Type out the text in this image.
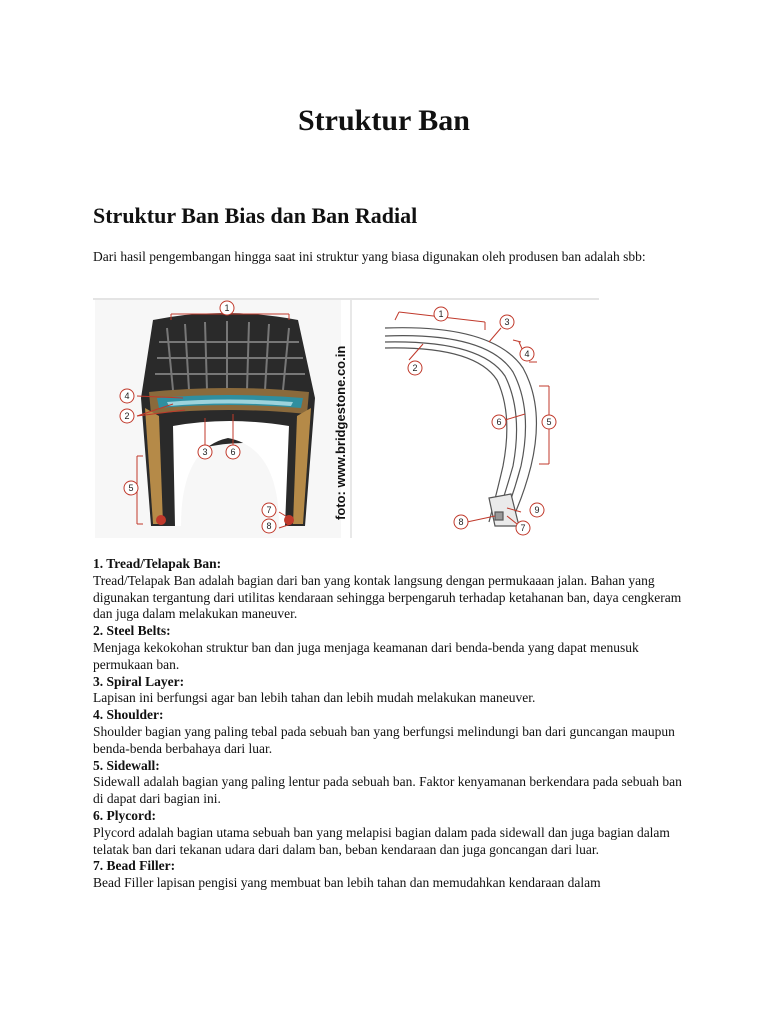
Struktur Ban
Struktur Ban Bias dan Ban Radial

Dari hasil pengembangan hingga saat ini struktur yang biasa digunakan oleh produsen ban adalah sbb:

1
4
2
3	6
5
7
8
foto: www.bridgestone.co.in
1
3
4
2
6	5
9
8
7

1. Tread/Telapak Ban:

Tread/Telapak Ban adalah bagian dari ban yang kontak langsung dengan permukaaan jalan. Bahan yang digunakan tergantung dari utilitas kendaraan sehingga berpengaruh terhadap ketahanan ban, daya cengkeram dan juga dalam melakukan maneuver.

2. Steel Belts:

Menjaga kekokohan struktur ban dan juga menjaga keamanan dari benda-benda yang dapat menusuk permukaan ban.

3. Spiral Layer:

Lapisan ini berfungsi agar ban lebih tahan dan lebih mudah melakukan maneuver.

4. Shoulder:

Shoulder bagian yang paling tebal pada sebuah ban yang berfungsi melindungi ban dari guncangan maupun benda-benda berbahaya dari luar.

5. Sidewall:

Sidewall adalah bagian yang paling lentur pada sebuah ban. Faktor kenyamanan berkendara pada sebuah ban di dapat dari bagian ini.

6. Plycord:

Plycord adalah bagian utama sebuah ban yang melapisi bagian dalam pada sidewall dan juga bagian dalam telatak ban dari tekanan udara dari dalam ban, beban kendaraan dan juga goncangan dari luar.

7. Bead Filler:

Bead Filler lapisan pengisi yang membuat ban lebih tahan dan memudahkan kendaraan dalam
